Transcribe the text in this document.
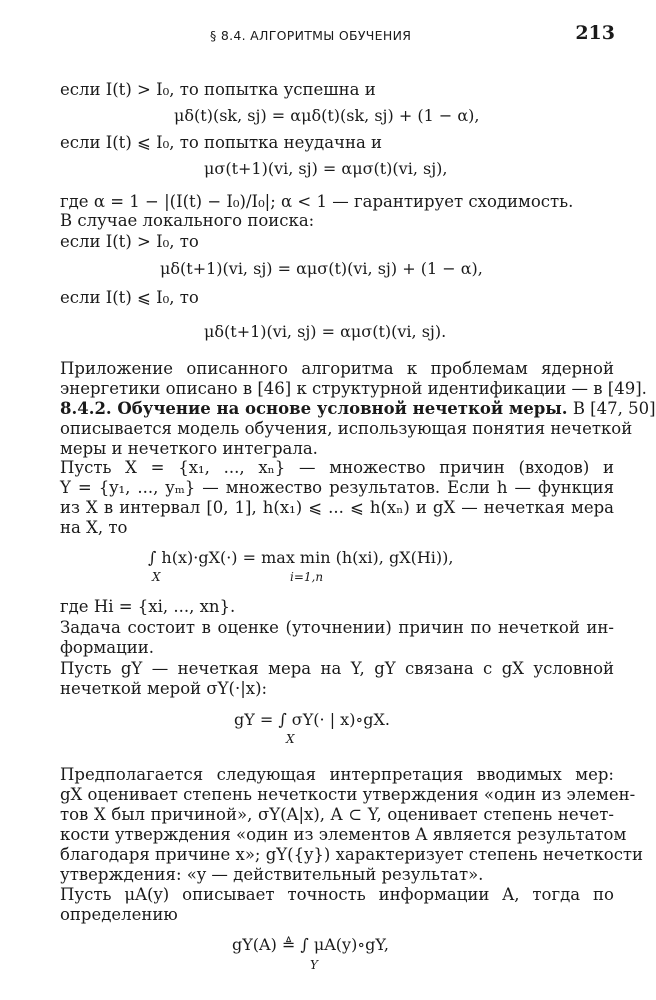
§ 8.4. АЛГОРИТМЫ ОБУЧЕНИЯ	213
если I(t) > I₀, то попытка успешна и
μδ(t)(sk, sj) = αμδ(t)(sk, sj) + (1 − α),
если I(t) ⩽ I₀, то попытка неудачна и
μσ(t+1)(vi, sj) = αμσ(t)(vi, sj),
где α = 1 − |(I(t) − I₀)/I₀|; α < 1 — гарантирует сходимость.
В случае локального поиска:
если I(t) > I₀, то
μδ(t+1)(vi, sj) = αμσ(t)(vi, sj) + (1 − α),
если I(t) ⩽ I₀, то
μδ(t+1)(vi, sj) = αμσ(t)(vi, sj).
Приложение описанного алгоритма к проблемам ядерной
энергетики описано в [46] к структурной идентификации — в [49].
8.4.2. Обучение на основе условной нечеткой меры. В [47, 50]
описывается модель обучения, использующая понятия нечеткой
меры и нечеткого интеграла.
Пусть X = {x₁, ..., xₙ} — множество причин (входов) и
Y = {y₁, ..., yₘ} — множество результатов. Если h — функция
из X в интервал [0, 1], h(x₁) ⩽ ... ⩽ h(xₙ) и gX — нечеткая мера
на X, то
∫ h(x)·gX(·) = max min (h(xi), gX(Hi)),
X	i=1,n
где Hi = {xi, ..., xn}.
Задача состоит в оценке (уточнении) причин по нечеткой ин-
формации.
Пусть gY — нечеткая мера на Y, gY связана с gX условной
нечеткой мерой σY(·|x):
gY = ∫ σY(· | x)∘gX.
X
Предполагается следующая интерпретация вводимых мер:
gX оценивает степень нечеткости утверждения «один из элемен-
тов X был причиной», σY(A|x), A ⊂ Y, оценивает степень нечет-
кости утверждения «один из элементов A является результатом
благодаря причине x»; gY({y}) характеризует степень нечеткости
утверждения: «y — действительный результат».
Пусть μA(y) описывает точность информации A, тогда по
определению
gY(A) ≜ ∫ μA(y)∘gY,
Y
